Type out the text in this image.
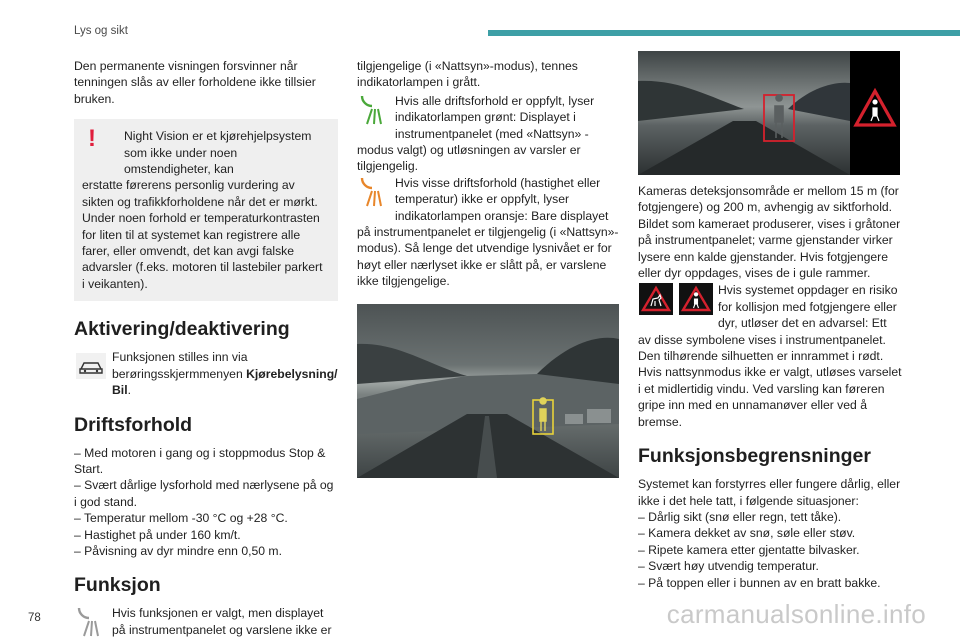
Lys og sikt

Den permanente visningen forsvinner når tenningen slås av eller forholdene ikke tillsier bruken.

!	Night Vision er et kjørehjelpsystem som ikke under noen omstendigheter, kan

erstatte førerens personlig vurdering av sikten og trafikkforholdene når det er mørkt. Under noen forhold er temperaturkontrasten for liten til at systemet kan registrere alle farer, eller omvendt, det kan avgi falske advarsler (f.eks. motoren til lastebiler parkert i veikanten).

Aktivering/deaktivering

Funksjonen stilles inn via berøringsskjermmenyen Kjørebelysning/ Bil.

Driftsforhold

– Med motoren i gang og i stoppmodus Stop & Start.

– Svært dårlige lysforhold med nærlysene på og i god stand.

– Temperatur mellom -30 °C og +28 °C.

– Hastighet på under 160 km/t.

– Påvisning av dyr mindre enn 0,50 m.

Funksjon

Hvis funksjonen er valgt, men displayet på instrumentpanelet og varslene ikke er

tilgjengelige (i «Nattsyn»-modus), tennes indikatorlampen i grått.

Hvis alle driftsforhold er oppfylt, lyser indikatorlampen grønt: Displayet i instrumentpanelet (med «Nattsyn» -modus valgt) og utløsningen av varsler er tilgjengelig.

Hvis visse driftsforhold (hastighet eller temperatur) ikke er oppfylt, lyser indikatorlampen oransje: Bare displayet på instrumentpanelet er tilgjengelig (i «Nattsyn»-modus). Så lenge det utvendige lysnivået er for høyt eller nærlyset ikke er slått på, er varslene ikke tilgjengelige.

Kameras deteksjonsområde er mellom 15 m (for fotgjengere) og 200 m, avhengig av siktforhold. Bildet som kameraet produserer, vises i gråtoner på instrumentpanelet; varme gjenstander virker lysere enn kalde gjenstander. Hvis fotgjengere eller dyr oppdages, vises de i gule rammer.

Hvis systemet oppdager en risiko for kollisjon med fotgjengere eller dyr, utløser det en advarsel: Ett av disse symbolene vises i instrumentpanelet. Den tilhørende silhuetten er innrammet i rødt. Hvis nattsynmodus ikke er valgt, utløses varselet i et midlertidig vindu. Ved varsling kan føreren gripe inn med en unnamanøver eller ved å bremse.

Funksjonsbegrensninger

Systemet kan forstyrres eller fungere dårlig, eller ikke i det hele tatt, i følgende situasjoner:

– Dårlig sikt (snø eller regn, tett tåke).

– Kamera dekket av snø, søle eller støv.

– Ripete kamera etter gjentatte bilvasker.

– Svært høy utvendig temperatur.

– På toppen eller i bunnen av en bratt bakke.

78	carmanualsonline.info
